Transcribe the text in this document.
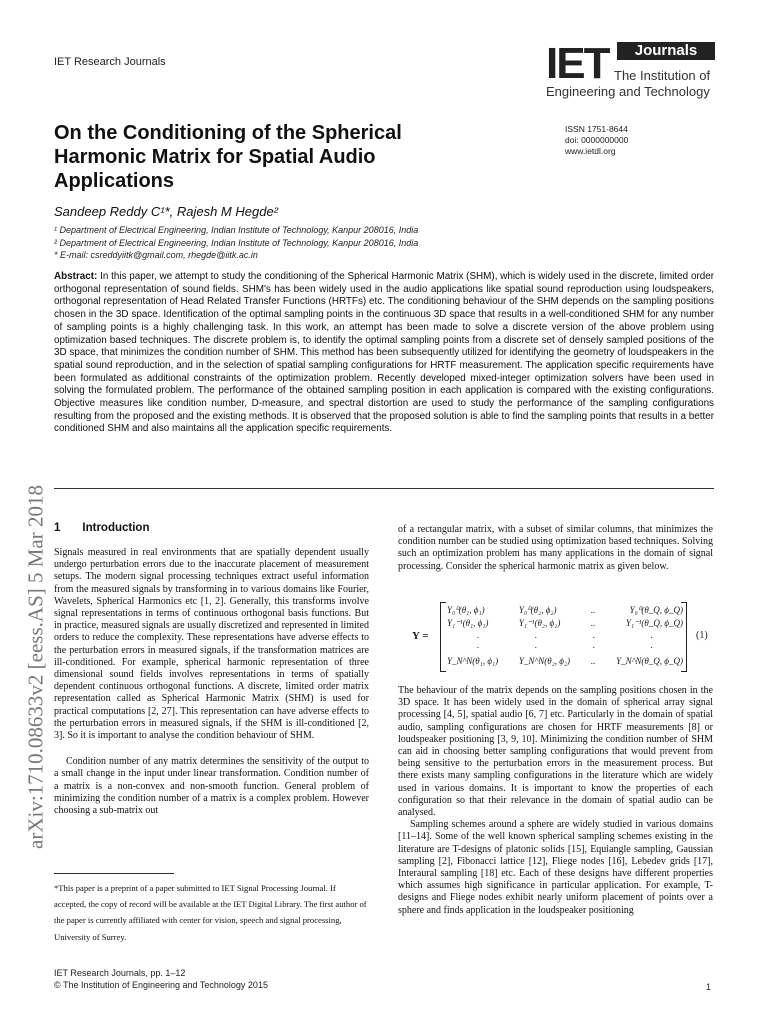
IET Research Journals	IET	Journals
The Institution of
Engineering and Technology
ISSN 1751-8644
doi: 0000000000
www.ietdl.org
On the Conditioning of the Spherical Harmonic Matrix for Spatial Audio Applications
Sandeep Reddy C¹*, Rajesh M Hegde²
¹ Department of Electrical Engineering, Indian Institute of Technology, Kanpur 208016, India
² Department of Electrical Engineering, Indian Institute of Technology, Kanpur 208016, India
* E-mail: csreddyiitk@gmail.com, rhegde@iitk.ac.in
Abstract: In this paper, we attempt to study the conditioning of the Spherical Harmonic Matrix (SHM), which is widely used in the discrete, limited order orthogonal representation of sound fields. SHM's has been widely used in the audio applications like spatial sound reproduction using loudspeakers, orthogonal representation of Head Related Transfer Functions (HRTFs) etc. The conditioning behaviour of the SHM depends on the sampling positions chosen in the 3D space. Identification of the optimal sampling points in the continuous 3D space that results in a well-conditioned SHM for any number of sampling points is a highly challenging task. In this work, an attempt has been made to solve a discrete version of the above problem using optimization based techniques. The discrete problem is, to identify the optimal sampling points from a discrete set of densely sampled positions of the 3D space, that minimizes the condition number of SHM. This method has been subsequently utilized for identifying the geometry of loudspeakers in the spatial sound reproduction, and in the selection of spatial sampling configurations for HRTF measurement. The application specific requirements have been formulated as additional constraints of the optimization problem. Recently developed mixed-integer optimization solvers have been used in solving the formulated problem. The performance of the obtained sampling position in each application is compared with the existing configurations. Objective measures like condition number, D-measure, and spectral distortion are used to study the performance of the sampling configurations resulting from the proposed and the existing methods. It is observed that the proposed solution is able to find the sampling points that results in a better conditioned SHM and also maintains all the application specific requirements.
arXiv:1710.08633v2 [eess.AS] 5 Mar 2018 1 Introduction

Signals measured in real environments that are spatially dependent usually undergo perturbation errors due to the inaccurate placement of measurement setups. The modern signal processing techniques extract useful information from the measured signals by transforming in to various domains like Fourier, Wavelets, Spherical Harmonics etc [1, 2]. Generally, this transforms involve signal representations in terms of continuous orthogonal basis functions. But in practice, measured signals are usually discretized and represented in limited orders to reduce the complexity. These representations have adverse effects to the perturbation errors in measured signals, if the transformation matrices are ill-conditioned. For example, spherical harmonic representation of three dimensional sound fields involves representations in terms of spatially dependent continuous orthogonal functions. A discrete, limited order matrix representation called as Spherical Harmonic Matrix (SHM) is used for practical computations [2, 27]. This representation can have adverse effects to the perturbation errors in measured signals, if the SHM is ill-conditioned [2, 3]. So it is important to analyse the condition behaviour of SHM.

Condition number of any matrix determines the sensitivity of the output to a small change in the input under linear transformation. Condition number of a matrix is a non-convex and non-smooth function. General problem of minimizing the condition number of a matrix is a complex problem. However choosing a sub-matrix out

*This paper is a preprint of a paper submitted to IET Signal Processing Journal. If accepted, the copy of record will be available at the IET Digital Library. The first author of the paper is currently affiliated with center for vision, speech and signal processing, University of Surrey.

of a rectangular matrix, with a subset of similar columns, that minimizes the condition number can be studied using optimization based techniques. Solving such an optimization problem has many applications in the domain of signal processing. Consider the spherical harmonic matrix as given below.

Y =
Y₀⁰(θ₁, ϕ₁)	Y₀⁰(θ₂, ϕ₂)	..	Y₀⁰(θ_Q, ϕ_Q)
Y₁⁻¹(θ₁, ϕ₁)	Y₁⁻¹(θ₂, ϕ₂)	..	Y₁⁻¹(θ_Q, ϕ_Q)
.	.	.	.
.	.	.	.
Y_N^N(θ₁, ϕ₁) Y_N^N(θ₂, ϕ₂) .. Y_N^N(θ_Q, ϕ_Q)
(1)

The behaviour of the matrix depends on the sampling positions chosen in the 3D space. It has been widely used in the domain of spherical array signal processing [4, 5], spatial audio [6, 7] etc. Particularly in the domain of spatial audio, sampling configurations are chosen for HRTF measurements [8] or loudspeaker positioning [3, 9, 10]. Minimizing the condition number of SHM can aid in choosing better sampling configurations that would prevent from being sensitive to the perturbation errors in the measurement process. But there exists many sampling configurations in the literature which are widely used in various domains. It is important to know the properties of each configuration so that their relevance in the domain of spatial audio can be analysed.

Sampling schemes around a sphere are widely studied in various domains [11–14]. Some of the well known spherical sampling schemes existing in the literature are T-designs of platonic solids [15], Equiangle sampling, Gaussian sampling [2], Fibonacci lattice [12], Fliege nodes [16], Lebedev grids [17], Interaural sampling [18] etc. Each of these designs have different properties which assumes high significance in particular application. For example, T-designs and Fliege nodes exhibit nearly uniform placement of points over a sphere and finds application in the loudspeaker positioning

IET Research Journals, pp. 1–12
© The Institution of Engineering and Technology 2015	1
